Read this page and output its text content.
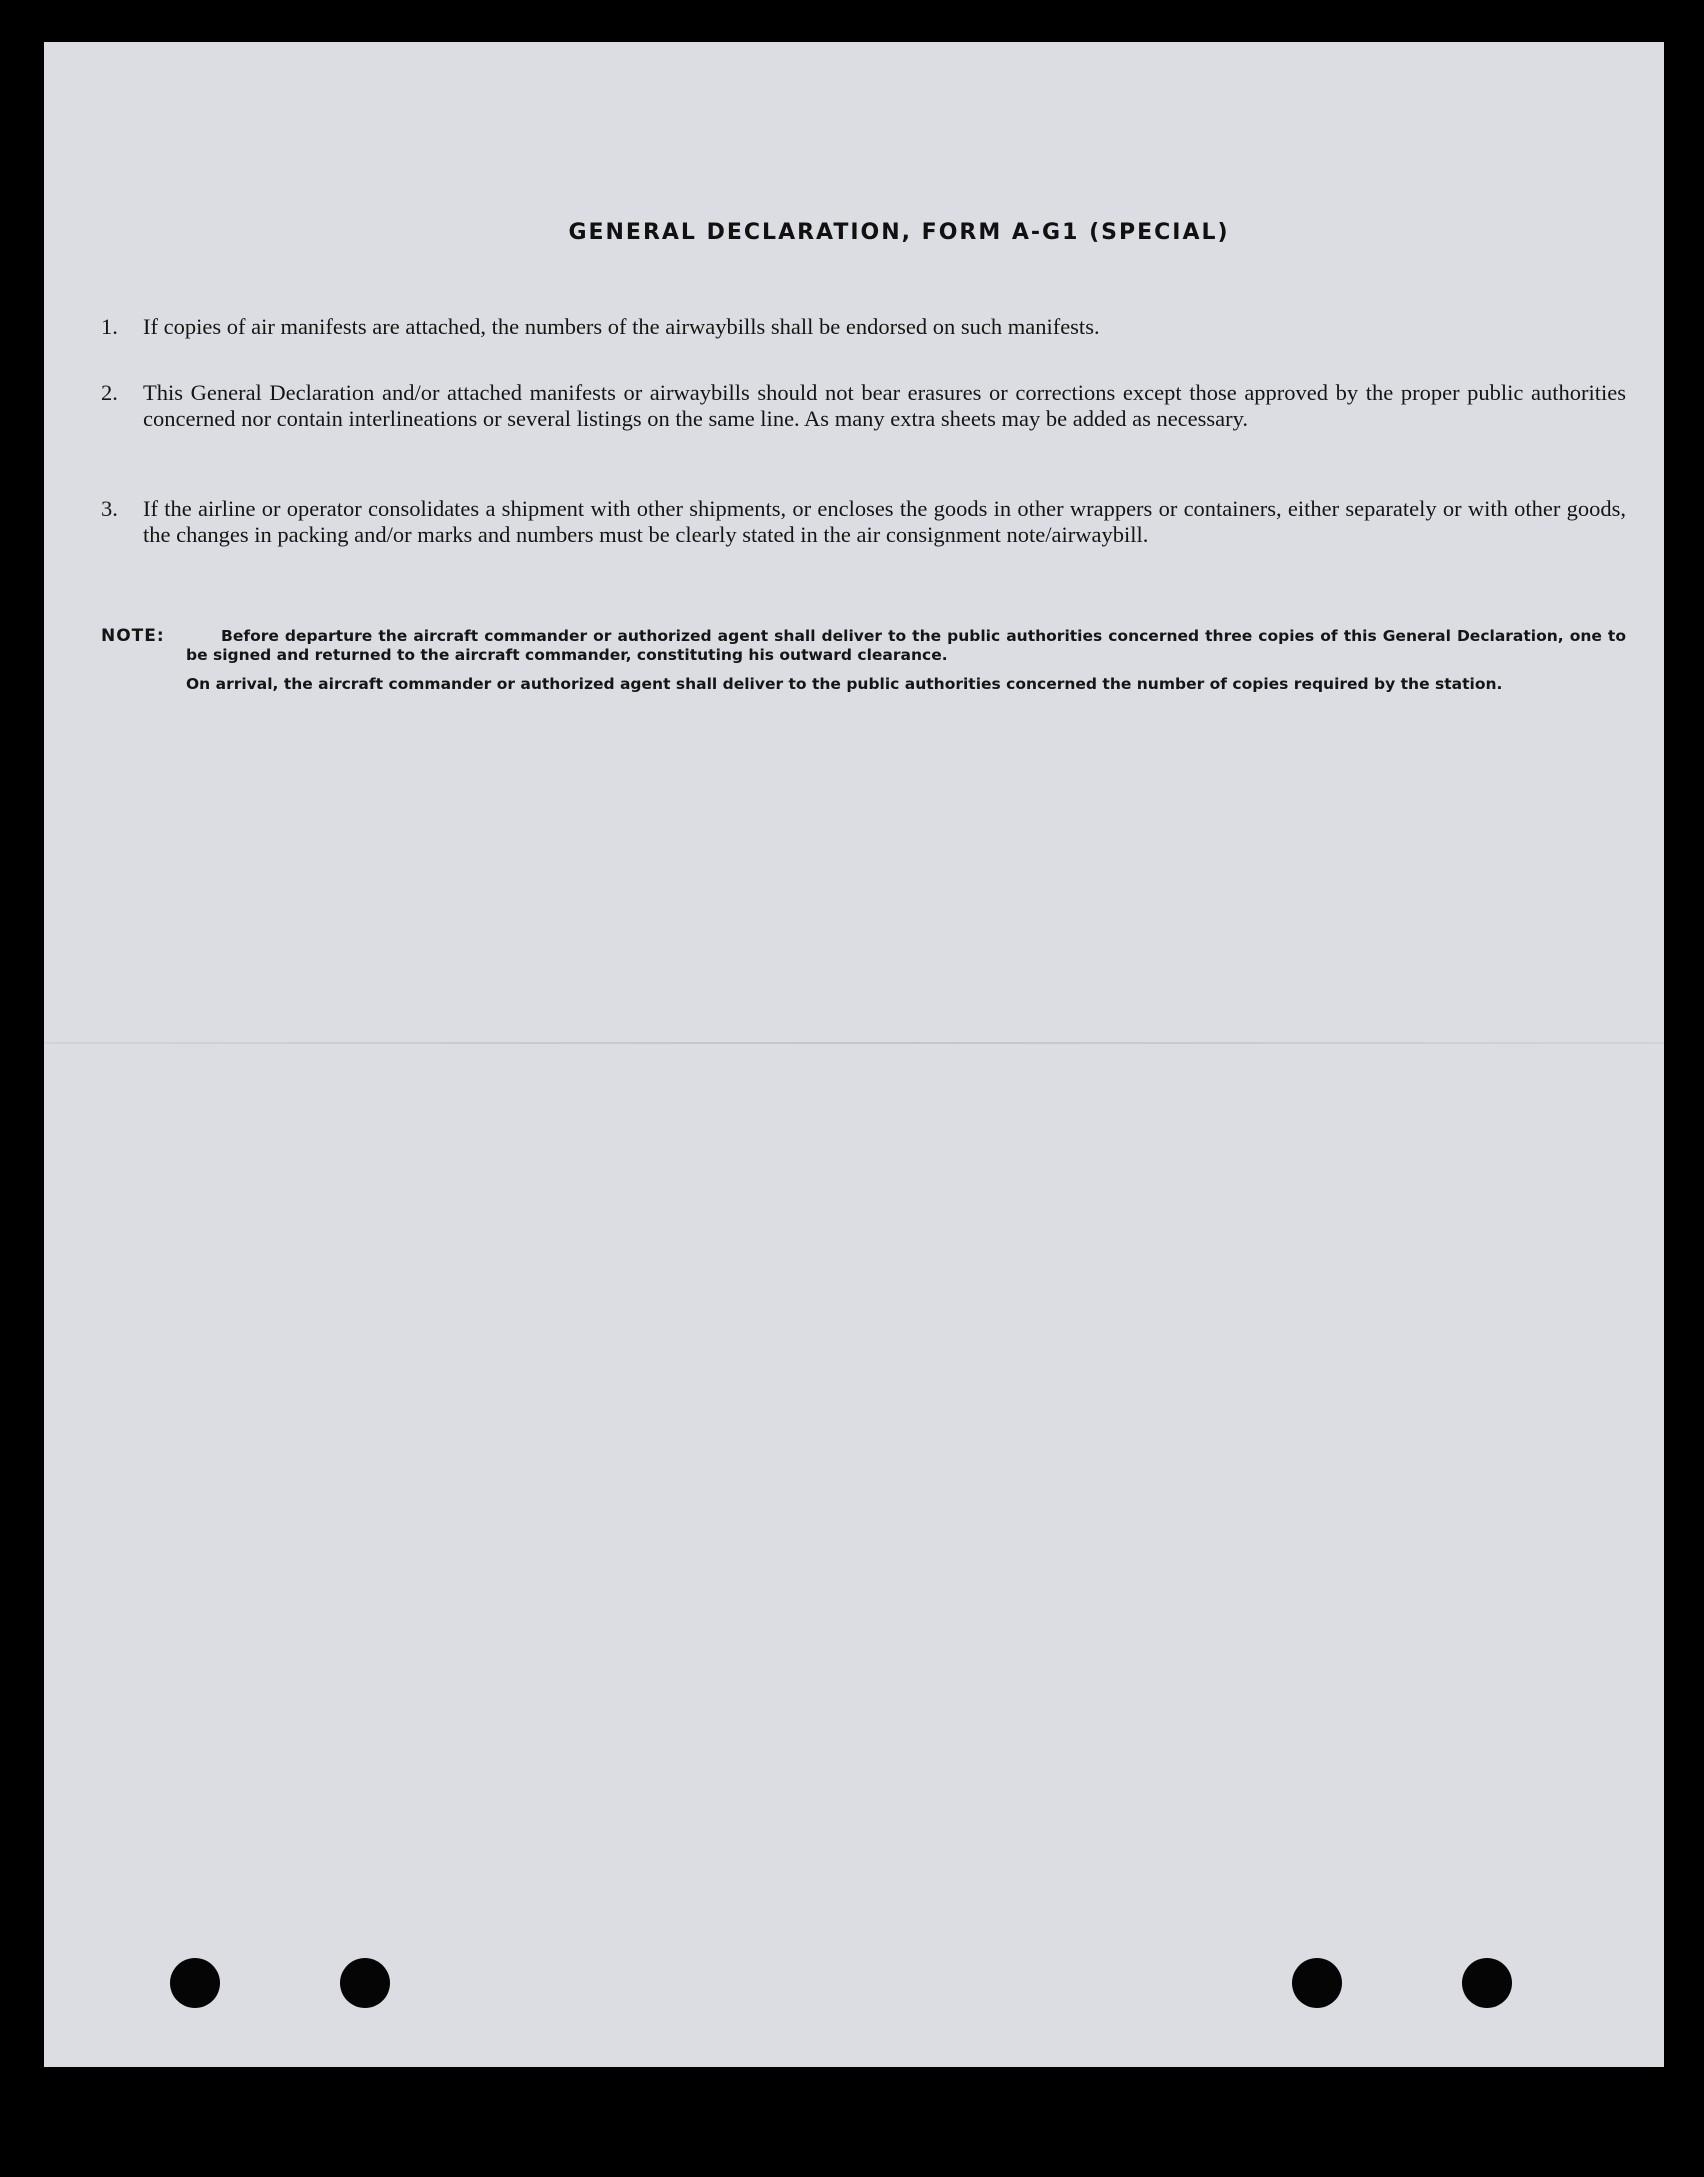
GENERAL DECLARATION, FORM A-G1 (SPECIAL)
1.	If copies of air manifests are attached, the numbers of the airwaybills shall be endorsed on such manifests.
2.	This General Declaration and/or attached manifests or airwaybills should not bear erasures or corrections except those approved by the proper public authorities concerned nor contain interlineations or several listings on the same line. As many extra sheets may be added as necessary.
3.	If the airline or operator consolidates a shipment with other shipments, or encloses the goods in other wrappers or containers, either separately or with other goods, the changes in packing and/or marks and numbers must be clearly stated in the air consignment note/airwaybill.
NOTE:	Before departure the aircraft commander or authorized agent shall deliver to the public authorities concerned three copies of this General Declaration, one to be signed and returned to the aircraft commander, constituting his outward clearance.
On arrival, the aircraft commander or authorized agent shall deliver to the public authorities concerned the number of copies required by the station.
